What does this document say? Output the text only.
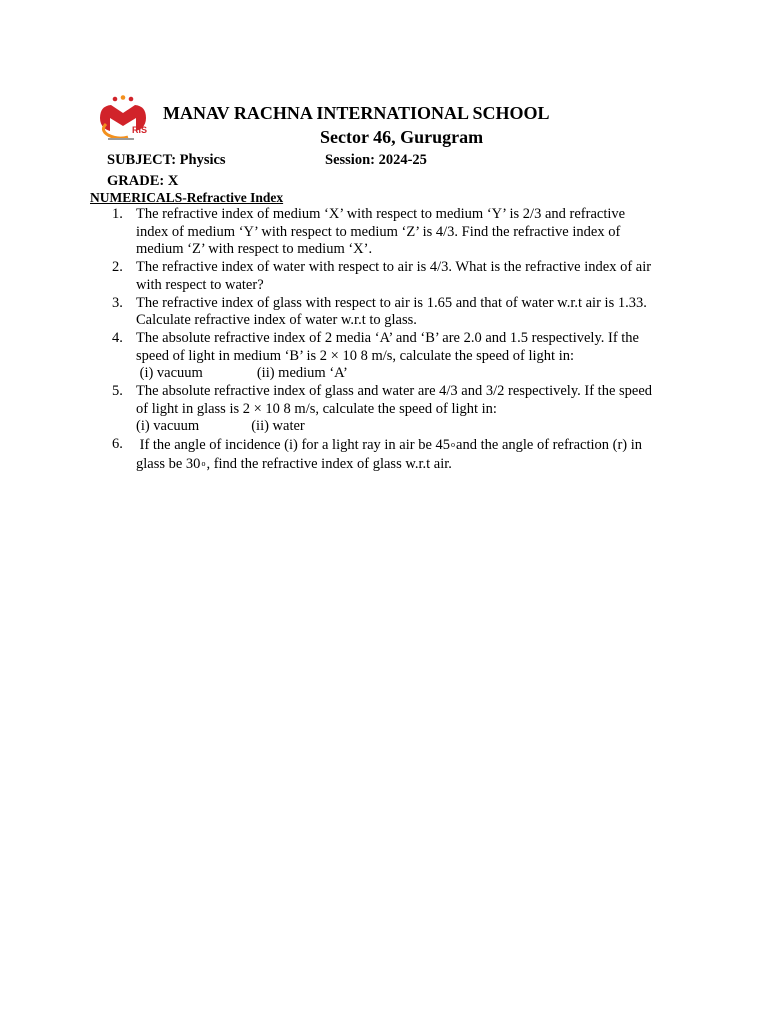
RIS
MANAV RACHNA INTERNATIONAL SCHOOL
Sector 46, Gurugram
SUBJECT: Physics	Session: 2024-25
GRADE: X
NUMERICALS-Refractive Index
1. The refractive index of medium ‘X’ with respect to medium ‘Y’ is 2/3 and refractive
index of medium ‘Y’ with respect to medium ‘Z’ is 4/3. Find the refractive index of
medium ‘Z’ with respect to medium ‘X’.
2. The refractive index of water with respect to air is 4/3. What is the refractive index of air
with respect to water?
3. The refractive index of glass with respect to air is 1.65 and that of water w.r.t air is 1.33.
Calculate refractive index of water w.r.t to glass.
4. The absolute refractive index of 2 media ‘A’ and ‘B’ are 2.0 and 1.5 respectively. If the
speed of light in medium ‘B’ is 2 × 10 8 m/s, calculate the speed of light in:
(i) vacuum	(ii) medium ‘A’
5. The absolute refractive index of glass and water are 4/3 and 3/2 respectively. If the speed
of light in glass is 2 × 10 8 m/s, calculate the speed of light in:
(i) vacuum	(ii) water
6. If the angle of incidence (i) for a light ray in air be 45oand the angle of refraction (r) in
glass be 30o, find the refractive index of glass w.r.t air.
